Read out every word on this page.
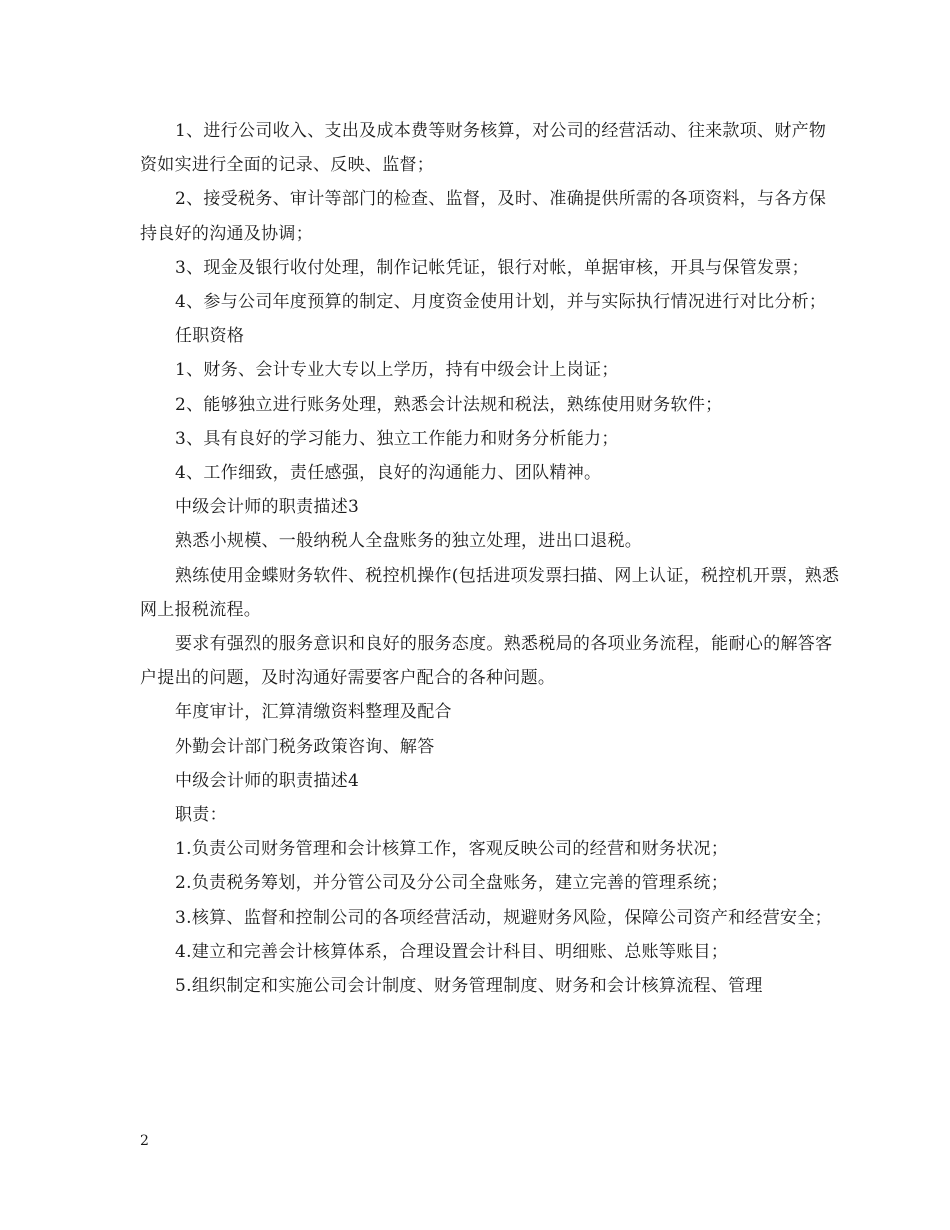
1、进行公司收入、支出及成本费等财务核算，对公司的经营活动、往来款项、财产物资如实进行全面的记录、反映、监督；

2、接受税务、审计等部门的检查、监督，及时、准确提供所需的各项资料，与各方保持良好的沟通及协调；

3、现金及银行收付处理，制作记帐凭证，银行对帐，单据审核，开具与保管发票；

4、参与公司年度预算的制定、月度资金使用计划，并与实际执行情况进行对比分析；

任职资格

1、财务、会计专业大专以上学历，持有中级会计上岗证；

2、能够独立进行账务处理，熟悉会计法规和税法，熟练使用财务软件；

3、具有良好的学习能力、独立工作能力和财务分析能力；

4、工作细致，责任感强，良好的沟通能力、团队精神。

中级会计师的职责描述3

熟悉小规模、一般纳税人全盘账务的独立处理，进出口退税。

熟练使用金蝶财务软件、税控机操作(包括进项发票扫描、网上认证，税控机开票，熟悉网上报税流程。

要求有强烈的服务意识和良好的服务态度。熟悉税局的各项业务流程，能耐心的解答客户提出的问题，及时沟通好需要客户配合的各种问题。

年度审计，汇算清缴资料整理及配合

外勤会计部门税务政策咨询、解答

中级会计师的职责描述4

职责：

1.负责公司财务管理和会计核算工作，客观反映公司的经营和财务状况；

2.负责税务筹划，并分管公司及分公司全盘账务，建立完善的管理系统；

3.核算、监督和控制公司的各项经营活动，规避财务风险，保障公司资产和经营安全；

4.建立和完善会计核算体系，合理设置会计科目、明细账、总账等账目；

5.组织制定和实施公司会计制度、财务管理制度、财务和会计核算流程、管理

2
